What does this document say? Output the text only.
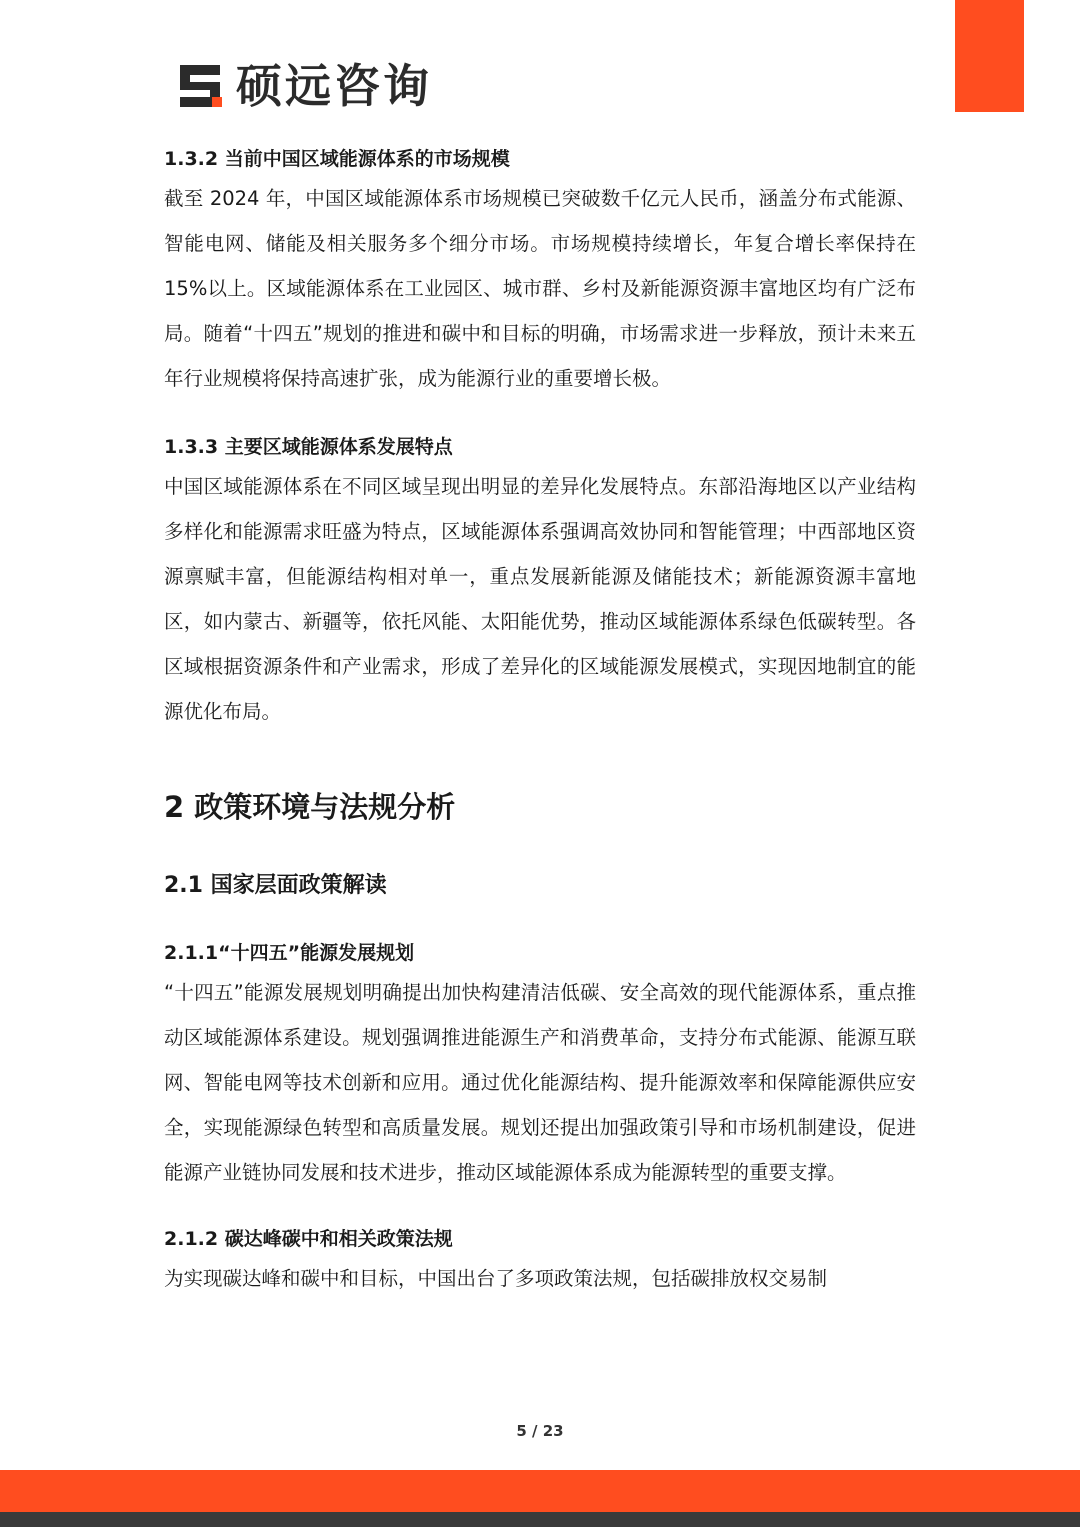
硕远咨询
1.3.2 当前中国区域能源体系的市场规模

截至 2024 年，中国区域能源体系市场规模已突破数千亿元人民币，涵盖分布式能源、智能电网、储能及相关服务多个细分市场。市场规模持续增长，年复合增长率保持在 15%以上。区域能源体系在工业园区、城市群、乡村及新能源资源丰富地区均有广泛布局。随着“十四五”规划的推进和碳中和目标的明确，市场需求进一步释放，预计未来五年行业规模将保持高速扩张，成为能源行业的重要增长极。

1.3.3 主要区域能源体系发展特点

中国区域能源体系在不同区域呈现出明显的差异化发展特点。东部沿海地区以产业结构多样化和能源需求旺盛为特点，区域能源体系强调高效协同和智能管理；中西部地区资源禀赋丰富，但能源结构相对单一，重点发展新能源及储能技术；新能源资源丰富地区，如内蒙古、新疆等，依托风能、太阳能优势，推动区域能源体系绿色低碳转型。各区域根据资源条件和产业需求，形成了差异化的区域能源发展模式，实现因地制宜的能源优化布局。

2 政策环境与法规分析
2.1 国家层面政策解读
2.1.1“十四五”能源发展规划

“十四五”能源发展规划明确提出加快构建清洁低碳、安全高效的现代能源体系，重点推动区域能源体系建设。规划强调推进能源生产和消费革命，支持分布式能源、能源互联网、智能电网等技术创新和应用。通过优化能源结构、提升能源效率和保障能源供应安全，实现能源绿色转型和高质量发展。规划还提出加强政策引导和市场机制建设，促进能源产业链协同发展和技术进步，推动区域能源体系成为能源转型的重要支撑。

2.1.2 碳达峰碳中和相关政策法规

为实现碳达峰和碳中和目标，中国出台了多项政策法规，包括碳排放权交易制

5 / 23
